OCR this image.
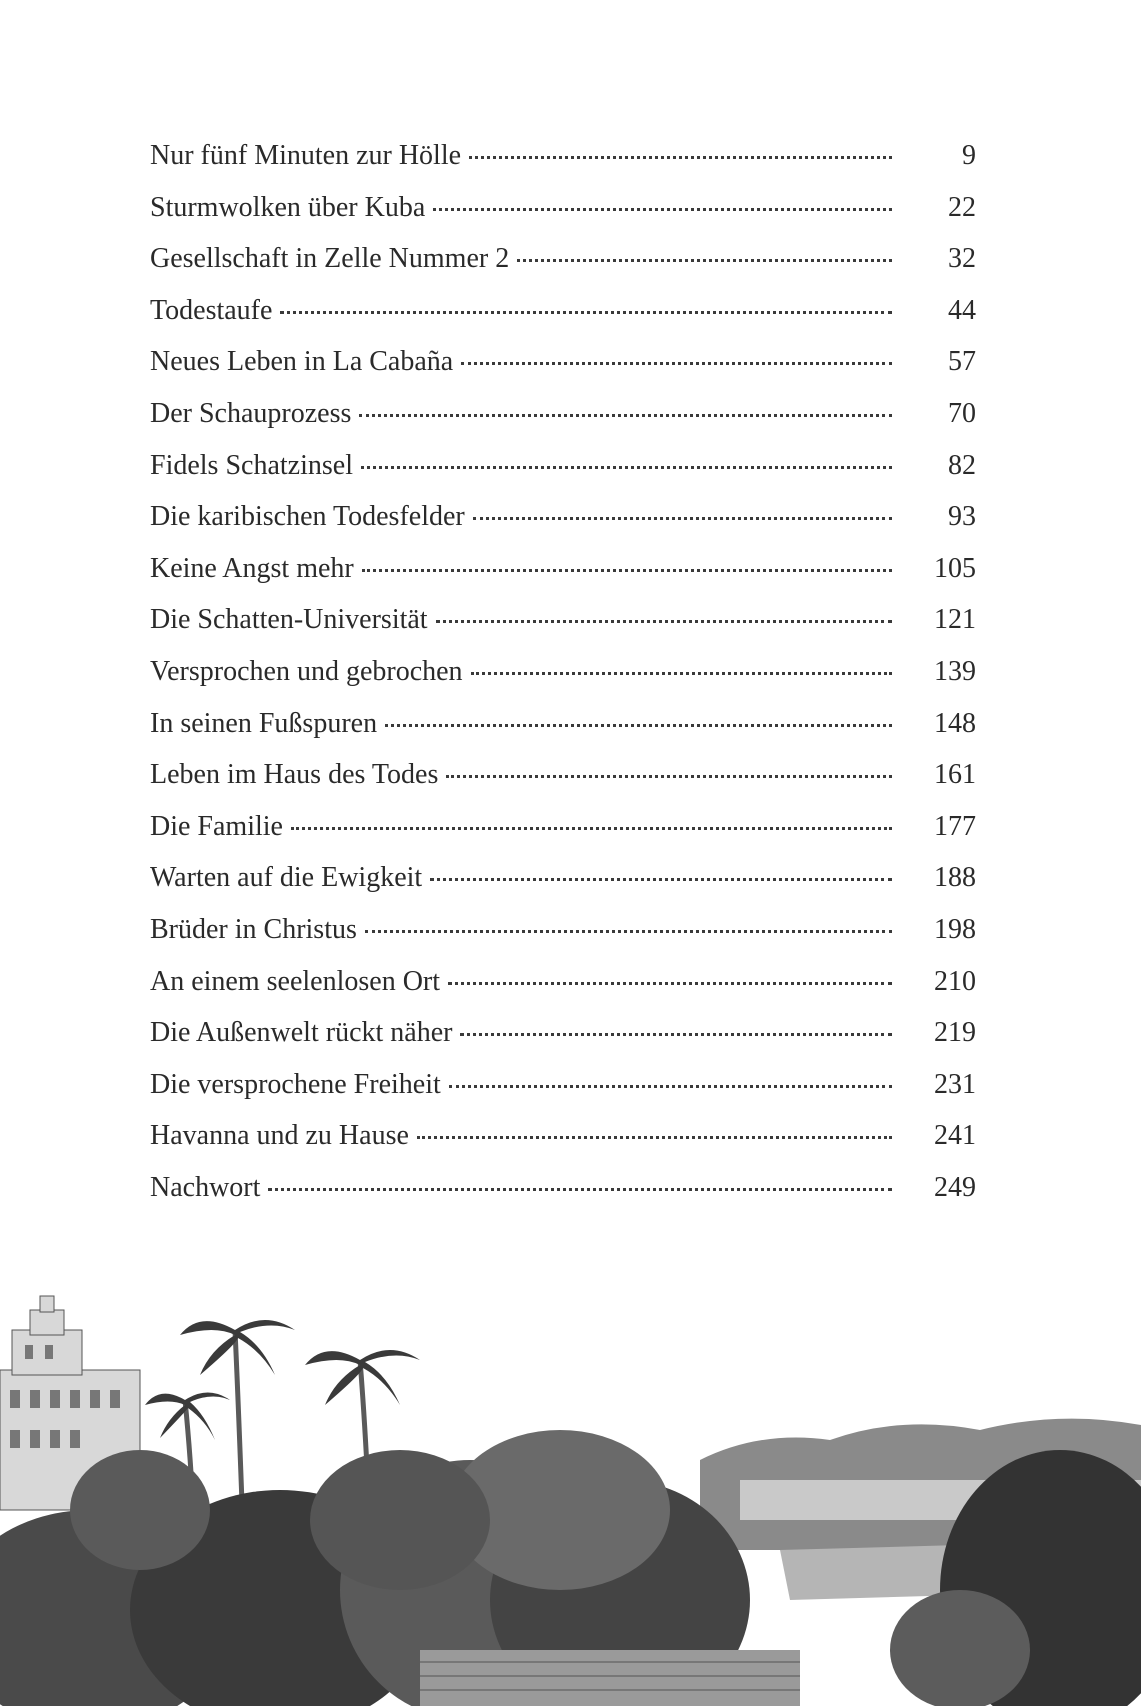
Nur fünf Minuten zur Hölle	9
Sturmwolken über Kuba	22
Gesellschaft in Zelle Nummer 2	32
Todestaufe	44
Neues Leben in La Cabaña	57
Der Schauprozess	70
Fidels Schatzinsel	82
Die karibischen Todesfelder	93
Keine Angst mehr	105
Die Schatten-Universität	121
Versprochen und gebrochen	139
In seinen Fußspuren	148
Leben im Haus des Todes	161
Die Familie	177
Warten auf die Ewigkeit	188
Brüder in Christus	198
An einem seelenlosen Ort	210
Die Außenwelt rückt näher	219
Die versprochene Freiheit	231
Havanna und zu Hause	241
Nachwort	249
